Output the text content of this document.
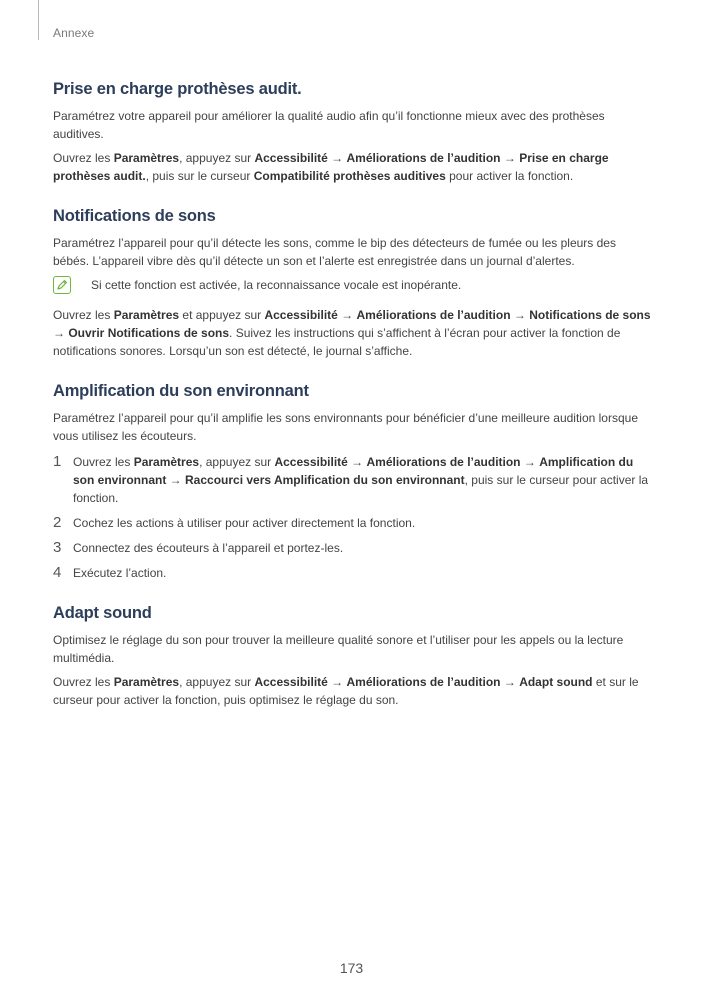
Annexe
Prise en charge prothèses audit.

Paramétrez votre appareil pour améliorer la qualité audio afin qu’il fonctionne mieux avec des prothèses auditives.

Ouvrez les Paramètres, appuyez sur Accessibilité → Améliorations de l’audition → Prise en charge prothèses audit., puis sur le curseur Compatibilité prothèses auditives pour activer la fonction.

Notifications de sons

Paramétrez l’appareil pour qu’il détecte les sons, comme le bip des détecteurs de fumée ou les pleurs des bébés. L’appareil vibre dès qu’il détecte un son et l’alerte est enregistrée dans un journal d’alertes.

Si cette fonction est activée, la reconnaissance vocale est inopérante.

Ouvrez les Paramètres et appuyez sur Accessibilité → Améliorations de l’audition → Notifications de sons → Ouvrir Notifications de sons. Suivez les instructions qui s’affichent à l’écran pour activer la fonction de notifications sonores. Lorsqu’un son est détecté, le journal s’affiche.

Amplification du son environnant

Paramétrez l’appareil pour qu’il amplifie les sons environnants pour bénéficier d’une meilleure audition lorsque vous utilisez les écouteurs.

1 Ouvrez les Paramètres, appuyez sur Accessibilité → Améliorations de l’audition → Amplification du son environnant → Raccourci vers Amplification du son environnant, puis sur le curseur pour activer la fonction.
2 Cochez les actions à utiliser pour activer directement la fonction.
3 Connectez des écouteurs à l’appareil et portez-les.
4 Exécutez l’action.
Adapt sound

Optimisez le réglage du son pour trouver la meilleure qualité sonore et l’utiliser pour les appels ou la lecture multimédia.

Ouvrez les Paramètres, appuyez sur Accessibilité → Améliorations de l’audition → Adapt sound et sur le curseur pour activer la fonction, puis optimisez le réglage du son.

173
